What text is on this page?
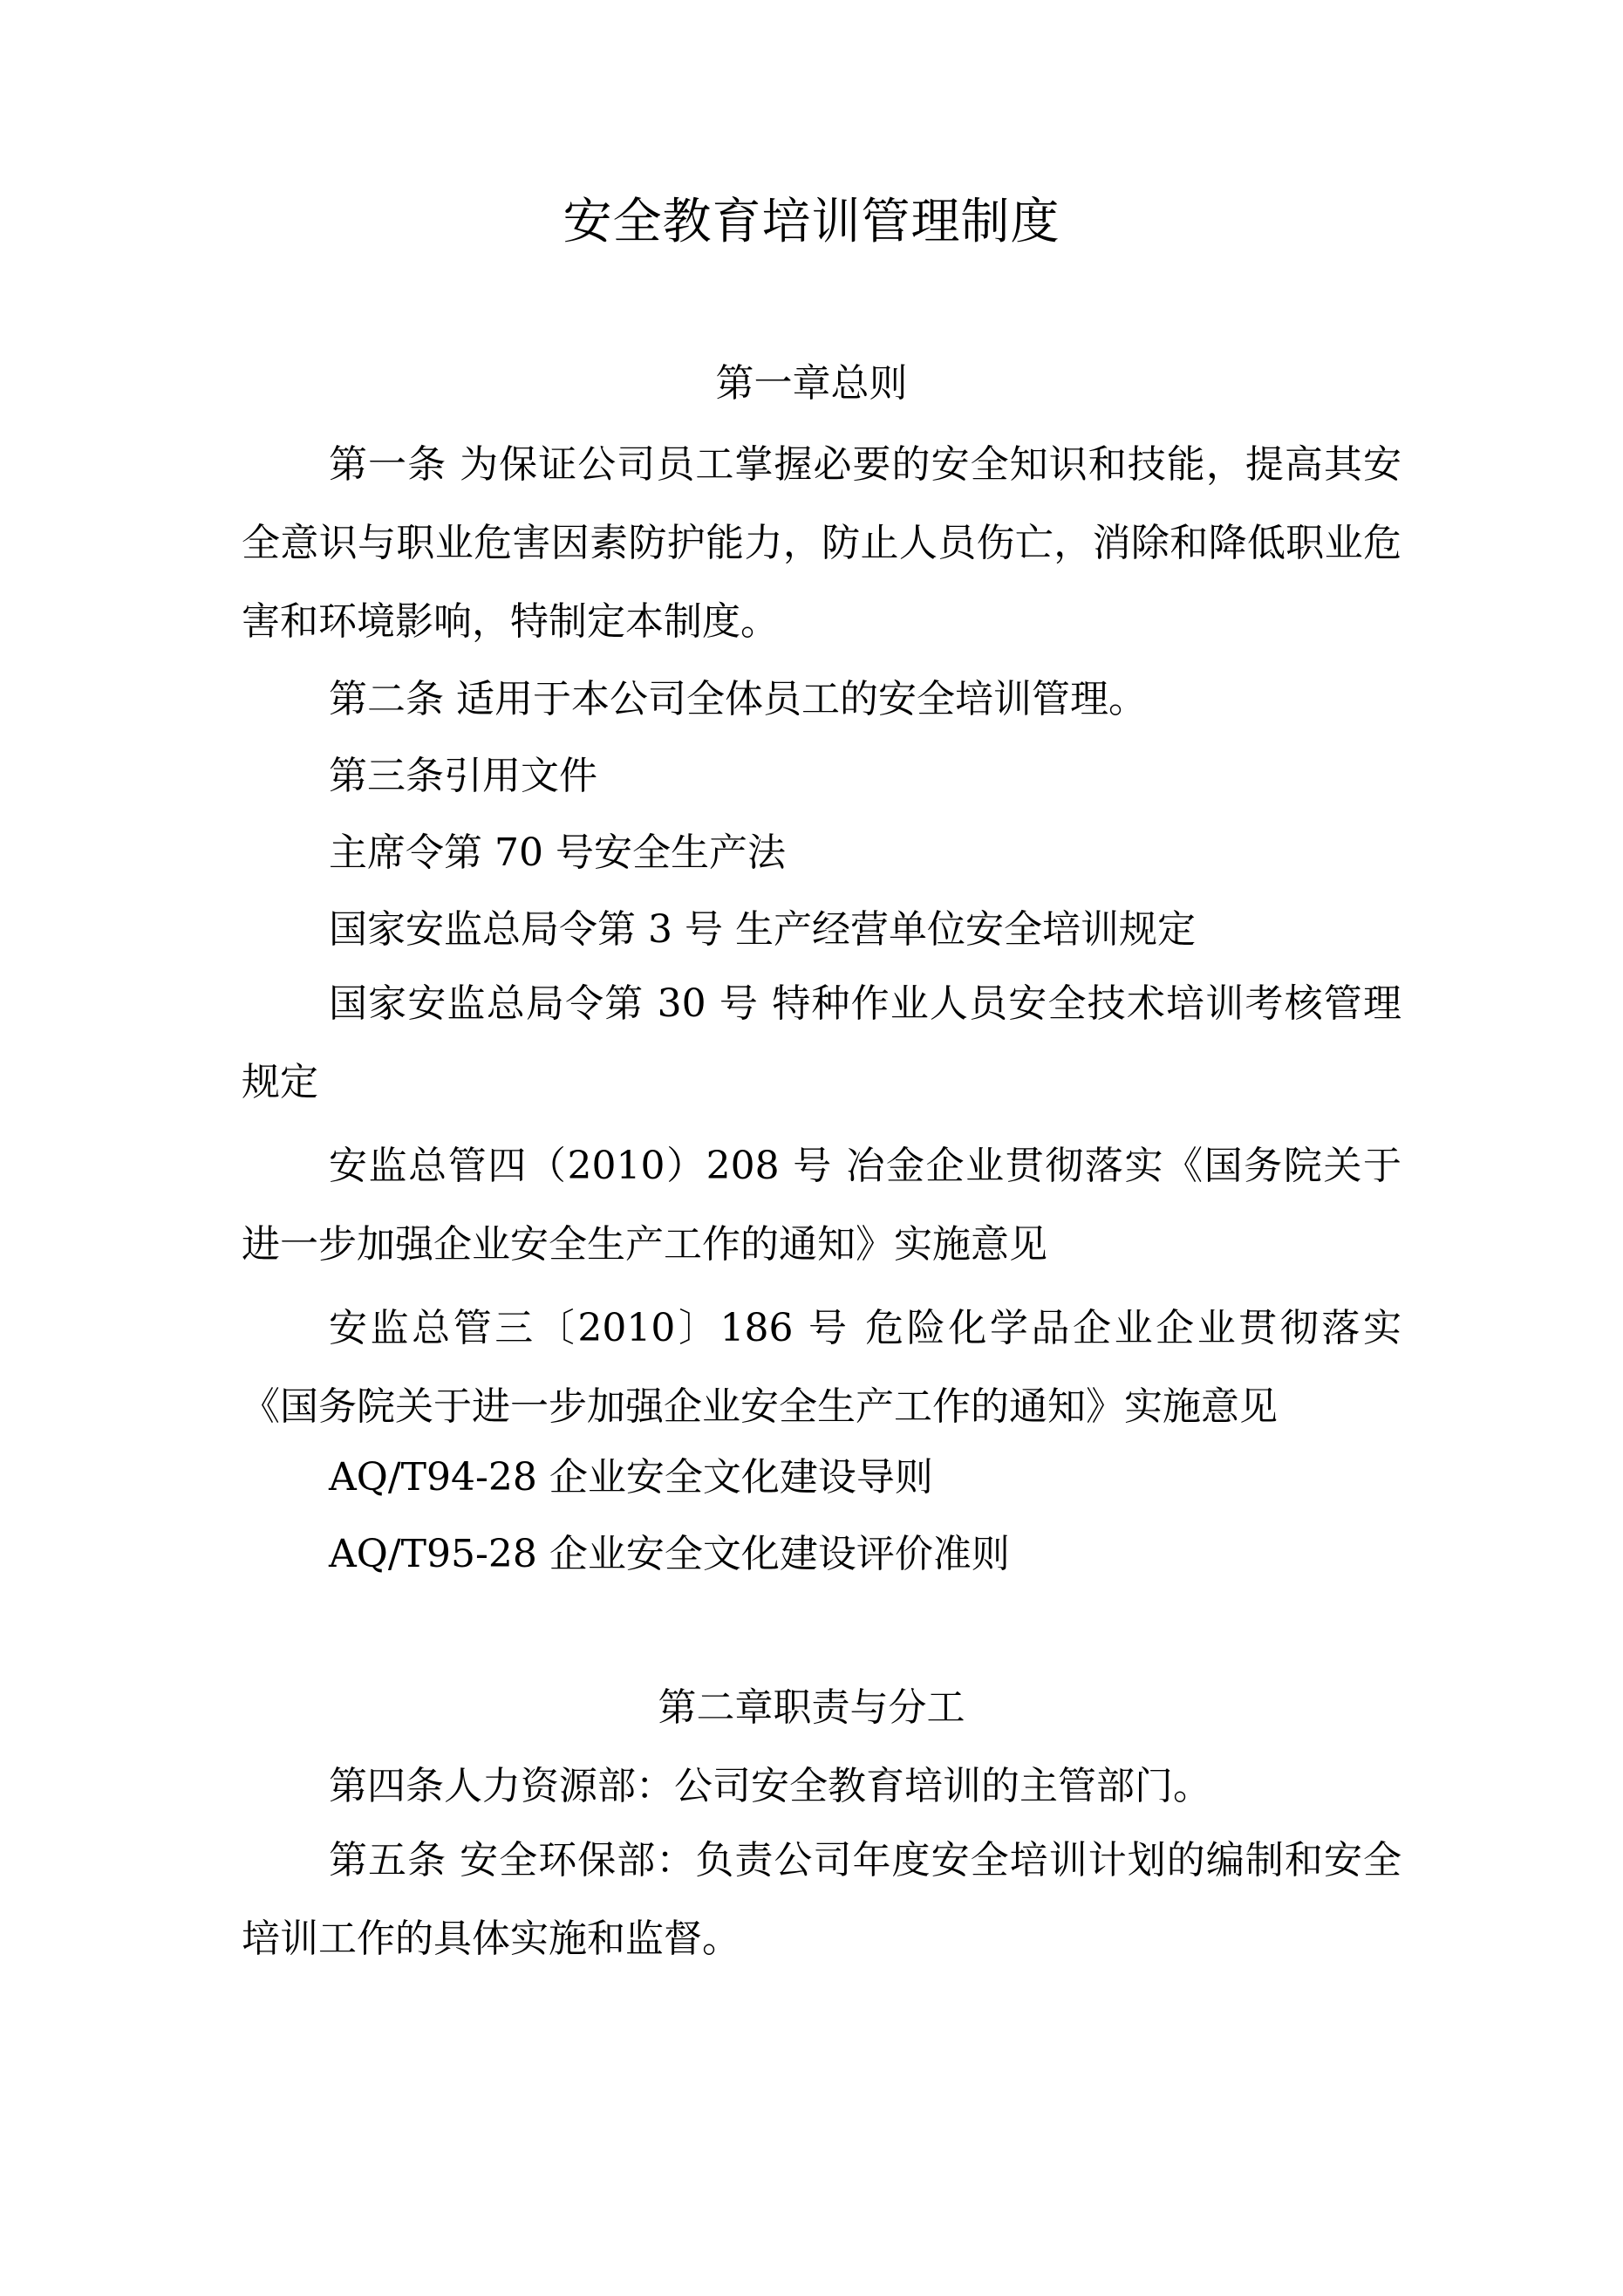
安全教育培训管理制度
第一章总则

第一条 为保证公司员工掌握必要的安全知识和技能，提高其安全意识与职业危害因素防护能力，防止人员伤亡，消除和降低职业危害和环境影响，特制定本制度。

第二条 适用于本公司全体员工的安全培训管理。

第三条引用文件

主席令第 70 号安全生产法

国家安监总局令第 3 号 生产经营单位安全培训规定

国家安监总局令第 30 号 特种作业人员安全技术培训考核管理规定

安监总管四（2010）208 号 冶金企业贯彻落实《国务院关于进一步加强企业安全生产工作的通知》实施意见

安监总管三〔2010〕186 号 危险化学品企业企业贯彻落实《国务院关于进一步加强企业安全生产工作的通知》实施意见

AQ/T94-28 企业安全文化建设导则

AQ/T95-28 企业安全文化建设评价准则

第二章职责与分工

第四条人力资源部：公司安全教育培训的主管部门。

第五条 安全环保部：负责公司年度安全培训计划的编制和安全培训工作的具体实施和监督。
